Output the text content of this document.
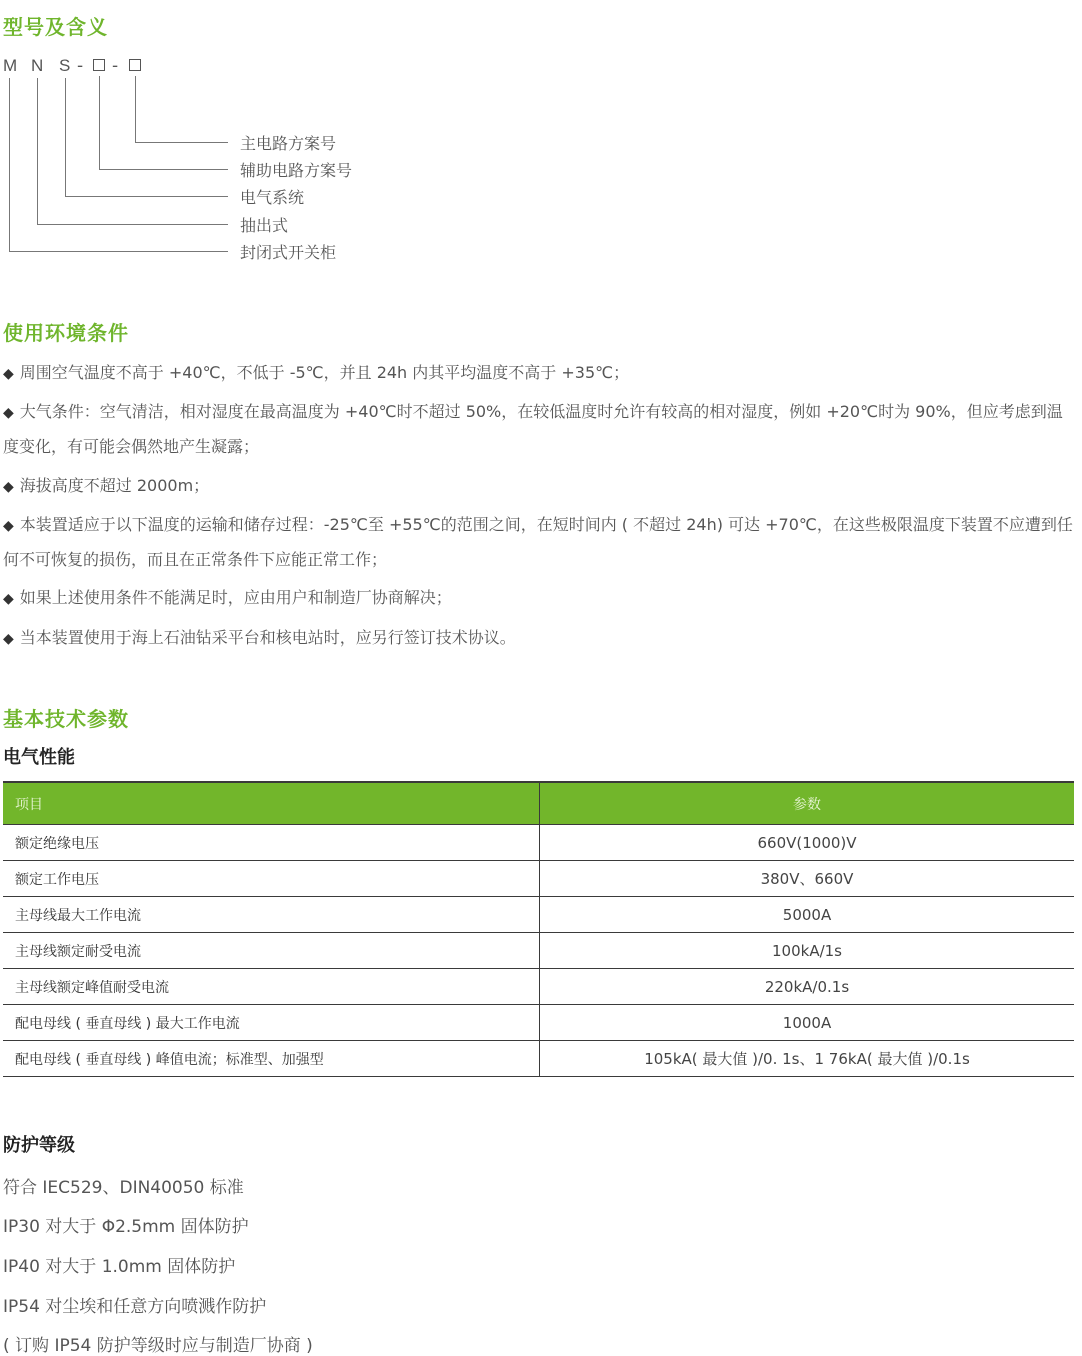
型号及含义
M N S - -
主电路方案号
辅助电路方案号
电气系统
抽出式
封闭式开关柜
使用环境条件

◆ 周围空气温度不高于 +40℃，不低于 -5℃，并且 24h 内其平均温度不高于 +35℃；

◆ 大气条件：空气清洁，相对湿度在最高温度为 +40℃时不超过 50%，在较低温度时允许有较高的相对湿度，例如 +20℃时为 90%，但应考虑到温度变化，有可能会偶然地产生凝露；

◆ 海拔高度不超过 2000m；

◆ 本装置适应于以下温度的运输和储存过程：-25℃至 +55℃的范围之间，在短时间内 ( 不超过 24h) 可达 +70℃，在这些极限温度下装置不应遭到任何不可恢复的损伤，而且在正常条件下应能正常工作；

◆ 如果上述使用条件不能满足时，应由用户和制造厂协商解决；

◆ 当本装置使用于海上石油钻采平台和核电站时，应另行签订技术协议。

基本技术参数
电气性能
项目	参数
额定绝缘电压	660V(1000)V
额定工作电压	380V、660V
主母线最大工作电流	5000A
主母线额定耐受电流	100kA/1s
主母线额定峰值耐受电流	220kA/0.1s
配电母线 ( 垂直母线 ) 最大工作电流	1000A
配电母线 ( 垂直母线 ) 峰值电流；标准型、加强型	105kA( 最大值 )/0. 1s、1 76kA( 最大值 )/0.1s
防护等级
符合 IEC529、DIN40050 标准
IP30 对大于 Φ2.5mm 固体防护
IP40 对大于 1.0mm 固体防护
IP54 对尘埃和任意方向喷溅作防护
( 订购 IP54 防护等级时应与制造厂协商 )
